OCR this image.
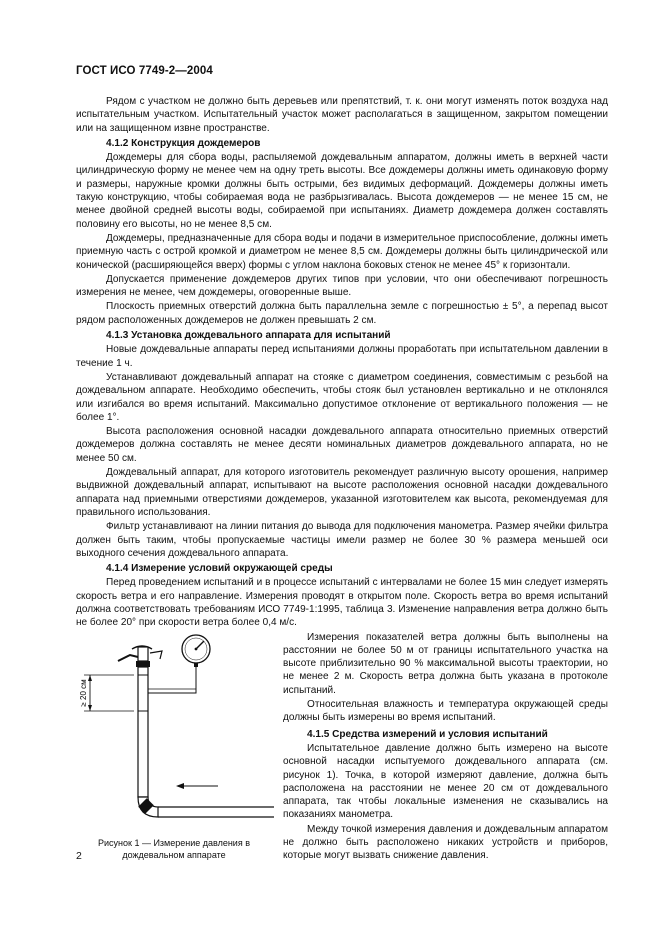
ГОСТ ИСО 7749-2—2004

Рядом с участком не должно быть деревьев или препятствий, т. к. они могут изменять поток воздуха над испытательным участком. Испытательный участок может располагаться в защищенном, закрытом помещении или на защищенном извне пространстве.

4.1.2 Конструкция дождемеров

Дождемеры для сбора воды, распыляемой дождевальным аппаратом, должны иметь в верхней части цилиндрическую форму не менее чем на одну треть высоты. Все дождемеры должны иметь одинаковую форму и размеры, наружные кромки должны быть острыми, без видимых деформаций. Дождемеры должны иметь такую конструкцию, чтобы собираемая вода не разбрызгивалась. Высота дождемеров — не менее 15 см, не менее двойной средней высоты воды, собираемой при испытаниях. Диаметр дождемера должен составлять половину его высоты, но не менее 8,5 см.

Дождемеры, предназначенные для сбора воды и подачи в измерительное приспособление, должны иметь приемную часть с острой кромкой и диаметром не менее 8,5 см. Дождемеры должны быть цилиндрической или конической (расширяющейся вверх) формы с углом наклона боковых стенок не менее 45° к горизонтали.

Допускается применение дождемеров других типов при условии, что они обеспечивают погрешность измерения не менее, чем дождемеры, оговоренные выше.

Плоскость приемных отверстий должна быть параллельна земле с погрешностью ± 5°, а перепад высот рядом расположенных дождемеров не должен превышать 2 см.

4.1.3 Установка дождевального аппарата для испытаний

Новые дождевальные аппараты перед испытаниями должны проработать при испытательном давлении в течение 1 ч.

Устанавливают дождевальный аппарат на стояке с диаметром соединения, совместимым с резьбой на дождевальном аппарате. Необходимо обеспечить, чтобы стояк был установлен вертикально и не отклонялся или изгибался во время испытаний. Максимально допустимое отклонение от вертикального положения — не более 1°.

Высота расположения основной насадки дождевального аппарата относительно приемных отверстий дождемеров должна составлять не менее десяти номинальных диаметров дождевального аппарата, но не менее 50 см.

Дождевальный аппарат, для которого изготовитель рекомендует различную высоту орошения, например выдвижной дождевальный аппарат, испытывают на высоте расположения основной насадки дождевального аппарата над приемными отверстиями дождемеров, указанной изготовителем как высота, рекомендуемая для правильного использования.

Фильтр устанавливают на линии питания до вывода для подключения манометра. Размер ячейки фильтра должен быть таким, чтобы пропускаемые частицы имели размер не более 30 % размера меньшей оси выходного сечения дождевального аппарата.

4.1.4 Измерение условий окружающей среды

Перед проведением испытаний и в процессе испытаний с интервалами не более 15 мин следует измерять скорость ветра и его направление. Измерения проводят в открытом поле. Скорость ветра во время испытаний должна соответствовать требованиям ИСО 7749-1:1995, таблица 3. Изменение направления ветра должно быть не более 20° при скорости ветра более 0,4 м/с.

≥ 20 см
Рисунок 1 — Измерение давления в
дождевальном аппарате

Измерения показателей ветра должны быть выполнены на расстоянии не более 50 м от границы испытательного участка на высоте приблизительно 90 % максимальной высоты траектории, но не менее 2 м. Скорость ветра должна быть указана в протоколе испытаний.

Относительная влажность и температура окружающей среды должны быть измерены во время испытаний.

4.1.5 Средства измерений и условия испытаний

Испытательное давление должно быть измерено на высоте основной насадки испытуемого дождевального аппарата (см. рисунок 1). Точка, в которой измеряют давление, должна быть расположена на расстоянии не менее 20 см от дождевального аппарата, так чтобы локальные изменения не сказывались на показаниях манометра.

Между точкой измерения давления и дождевальным аппаратом не должно быть расположено никаких устройств и приборов, которые могут вызвать снижение давления.

2
